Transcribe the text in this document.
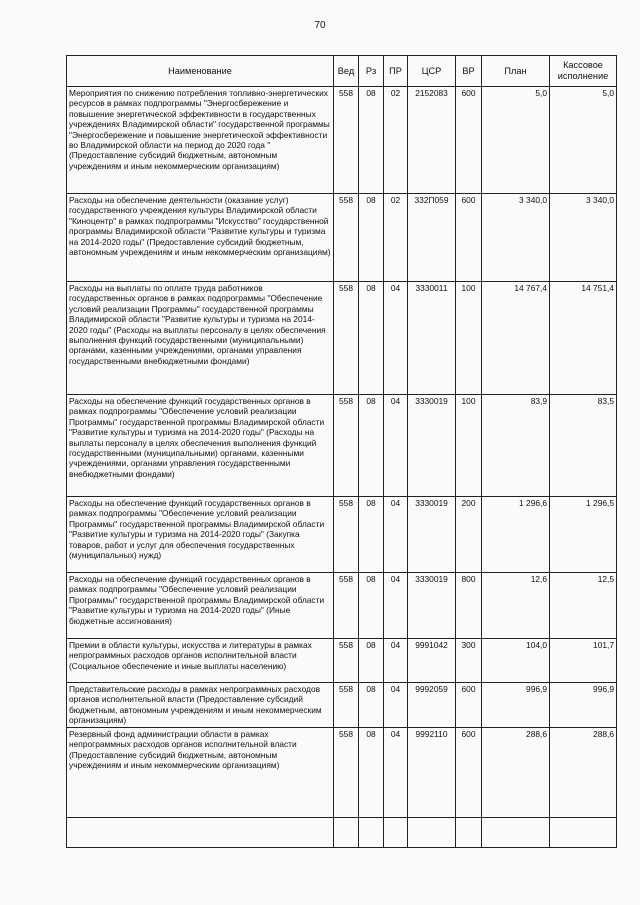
70
Наименование	Вед	Рз	ПР	ЦСР	ВР	План	Кассовое исполнение
Мероприятия по снижению потребления топливно-энергетических ресурсов в рамках подпрограммы "Энергосбережение и повышение энергетической эффективности в государственных учреждениях Владимирской области" государственной программы "Энергосбережение и повышение энергетической эффективности во Владимирской области на период до 2020 года " (Предоставление субсидий бюджетным, автономным учреждениям и иным некоммерческим организациям)	558	08	02	2152083	600	5,0	5,0
Расходы на обеспечение деятельности (оказание услуг) государственного учреждения культуры Владимирской области "Киноцентр" в рамках подпрограммы "Искусство" государственной программы Владимирской области "Развитие культуры и туризма на 2014-2020 годы" (Предоставление субсидий бюджетным, автономным учреждениям и иным некоммерческим организациям)	558	08	02	332П059	600	3 340,0	3 340,0
Расходы на выплаты по оплате труда работников государственных органов в рамках подпрограммы "Обеспечение условий реализации Программы" государственной программы Владимирской области "Развитие культуры и туризма на 2014-2020 годы" (Расходы на выплаты персоналу в целях обеспечения выполнения функций государственными (муниципальными) органами, казенными учреждениями, органами управления государственными внебюджетными фондами)	558	08	04	3330011	100	14 767,4	14 751,4
Расходы на обеспечение функций государственных органов в рамках подпрограммы "Обеспечение условий реализации Программы" государственной программы Владимирской области "Развитие культуры и туризма на 2014-2020 годы" (Расходы на выплаты персоналу в целях обеспечения выполнения функций государственными (муниципальными) органами, казенными учреждениями, органами управления государственными внебюджетными фондами)	558	08	04	3330019	100	83,9	83,5
Расходы на обеспечение функций государственных органов в рамках подпрограммы "Обеспечение условий реализации Программы" государственной программы Владимирской области "Развитие культуры и туризма на 2014-2020 годы" (Закупка товаров, работ и услуг для обеспечения государственных (муниципальных) нужд)	558	08	04	3330019	200	1 296,6	1 296,5
Расходы на обеспечение функций государственных органов в рамках подпрограммы "Обеспечение условий реализации Программы" государственной программы Владимирской области "Развитие культуры и туризма на 2014-2020 годы" (Иные бюджетные ассигнования)	558	08	04	3330019	800	12,6	12,5
Премии в области культуры, искусства и литературы в рамках непрограммных расходов органов исполнительной власти (Социальное обеспечение и иные выплаты населению)	558	08	04	9991042	300	104,0	101,7
Представительские расходы в рамках непрограммных расходов органов исполнительной власти (Предоставление субсидий бюджетным, автономным учреждениям и иным некоммерческим организациям)	558	08	04	9992059	600	996,9	996,9
Резервный фонд администрации области в рамках непрограммных расходов органов исполнительной власти (Предоставление субсидий бюджетным, автономным учреждениям и иным некоммерческим организациям)	558	08	04	9992110	600	288,6	288,6
